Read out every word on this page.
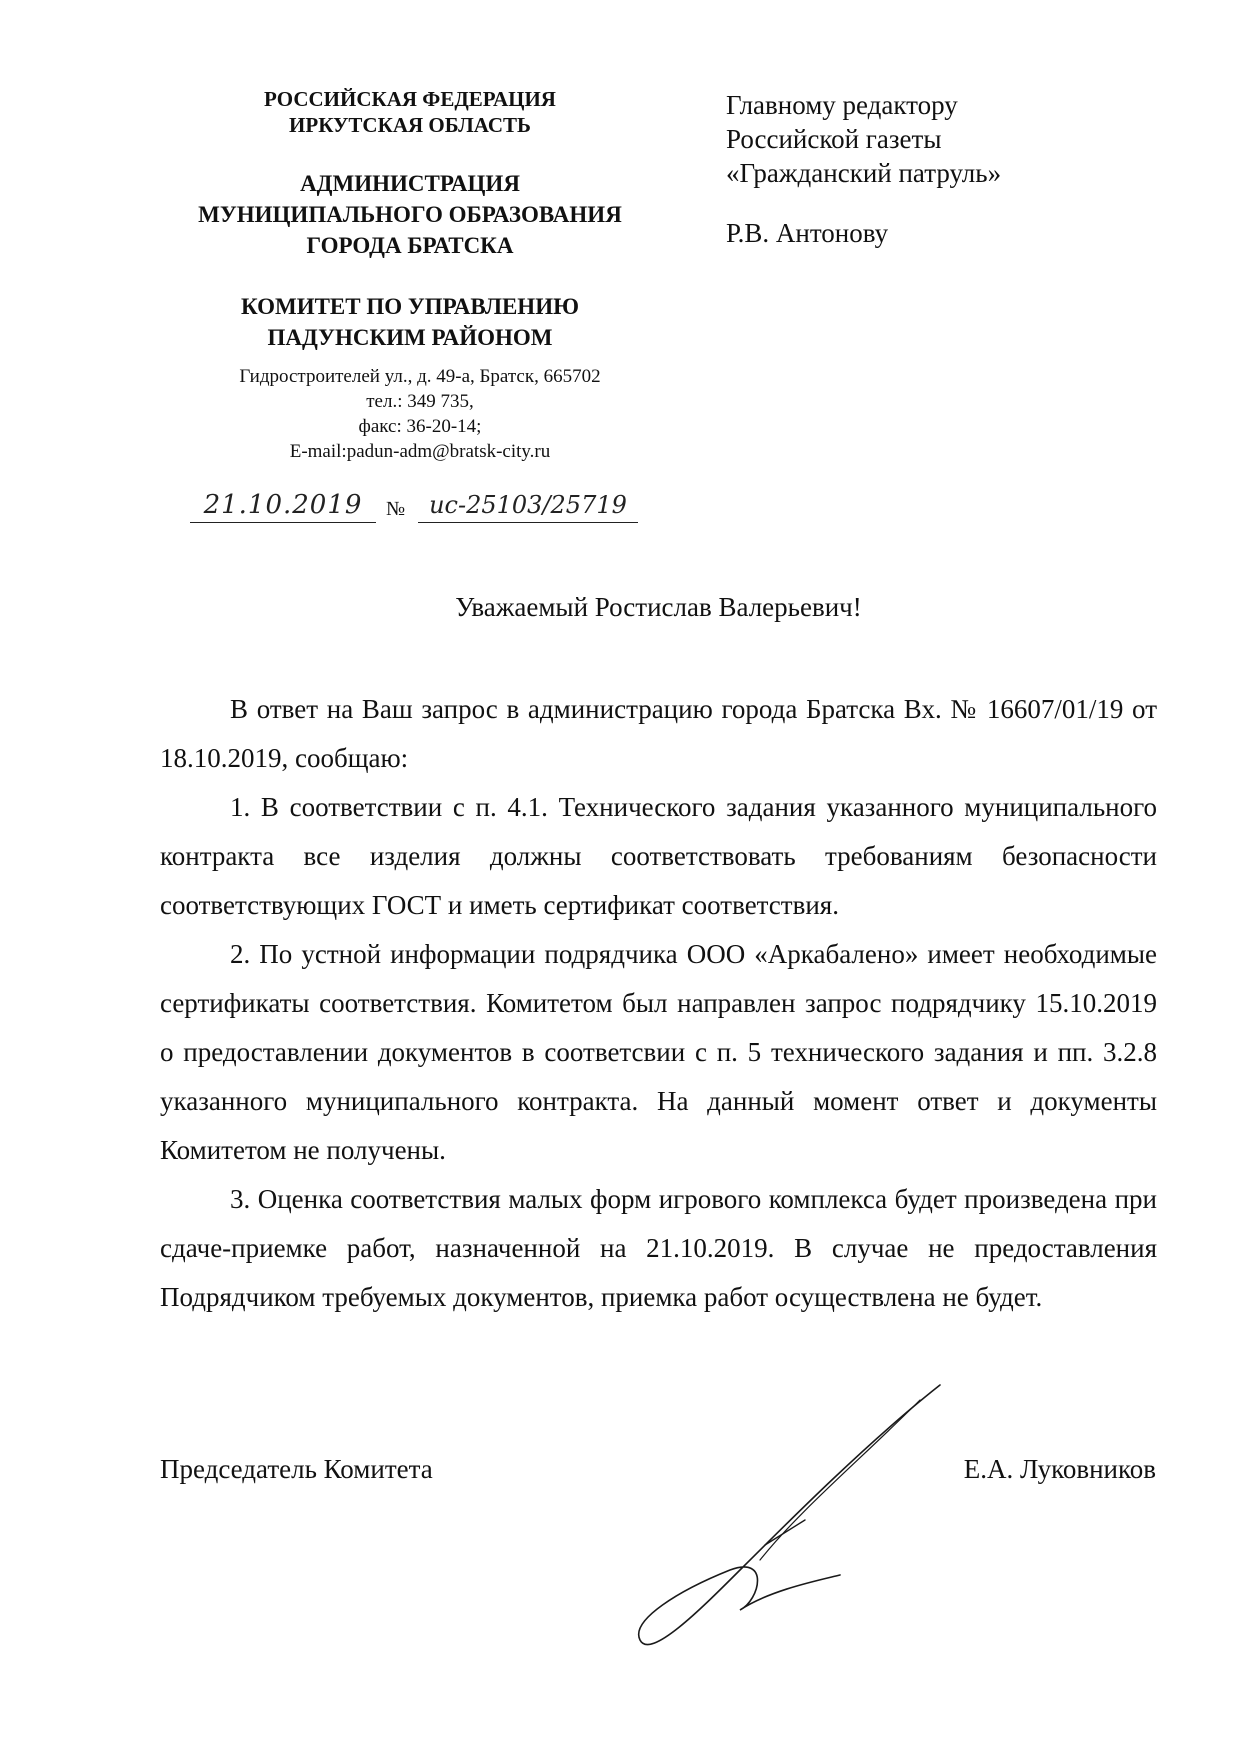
РОССИЙСКАЯ ФЕДЕРАЦИЯ
ИРКУТСКАЯ ОБЛАСТЬ
АДМИНИСТРАЦИЯ
МУНИЦИПАЛЬНОГО ОБРАЗОВАНИЯ
ГОРОДА БРАТСКА
КОМИТЕТ ПО УПРАВЛЕНИЮ
ПАДУНСКИМ РАЙОНОМ
Гидростроителей ул., д. 49-а, Братск, 665702
тел.: 349 735,
факс: 36-20-14;
E-mail:padun-adm@bratsk-city.ru
21.10.2019	№	ис-25103/25719
Главному редактору
Российской газеты
«Гражданский патруль»
Р.В. Антонову
Уважаемый Ростислав Валерьевич!

В ответ на Ваш запрос в администрацию города Братска Вх. № 16607/01/19 от 18.10.2019, сообщаю:

1. В соответствии с п. 4.1. Технического задания указанного муниципального контракта все изделия должны соответствовать требованиям безопасности соответствующих ГОСТ и иметь сертификат соответствия.

2. По устной информации подрядчика ООО «Аркабалено» имеет необходимые сертификаты соответствия. Комитетом был направлен запрос подрядчику 15.10.2019 о предоставлении документов в соответсвии с п. 5 технического задания и пп. 3.2.8 указанного муниципального контракта. На данный момент ответ и документы Комитетом не получены.

3. Оценка соответствия малых форм игрового комплекса будет произведена при сдаче-приемке работ, назначенной на 21.10.2019. В случае не предоставления Подрядчиком требуемых документов, приемка работ осуществлена не будет.

Председатель Комитета	Е.А. Луковников
